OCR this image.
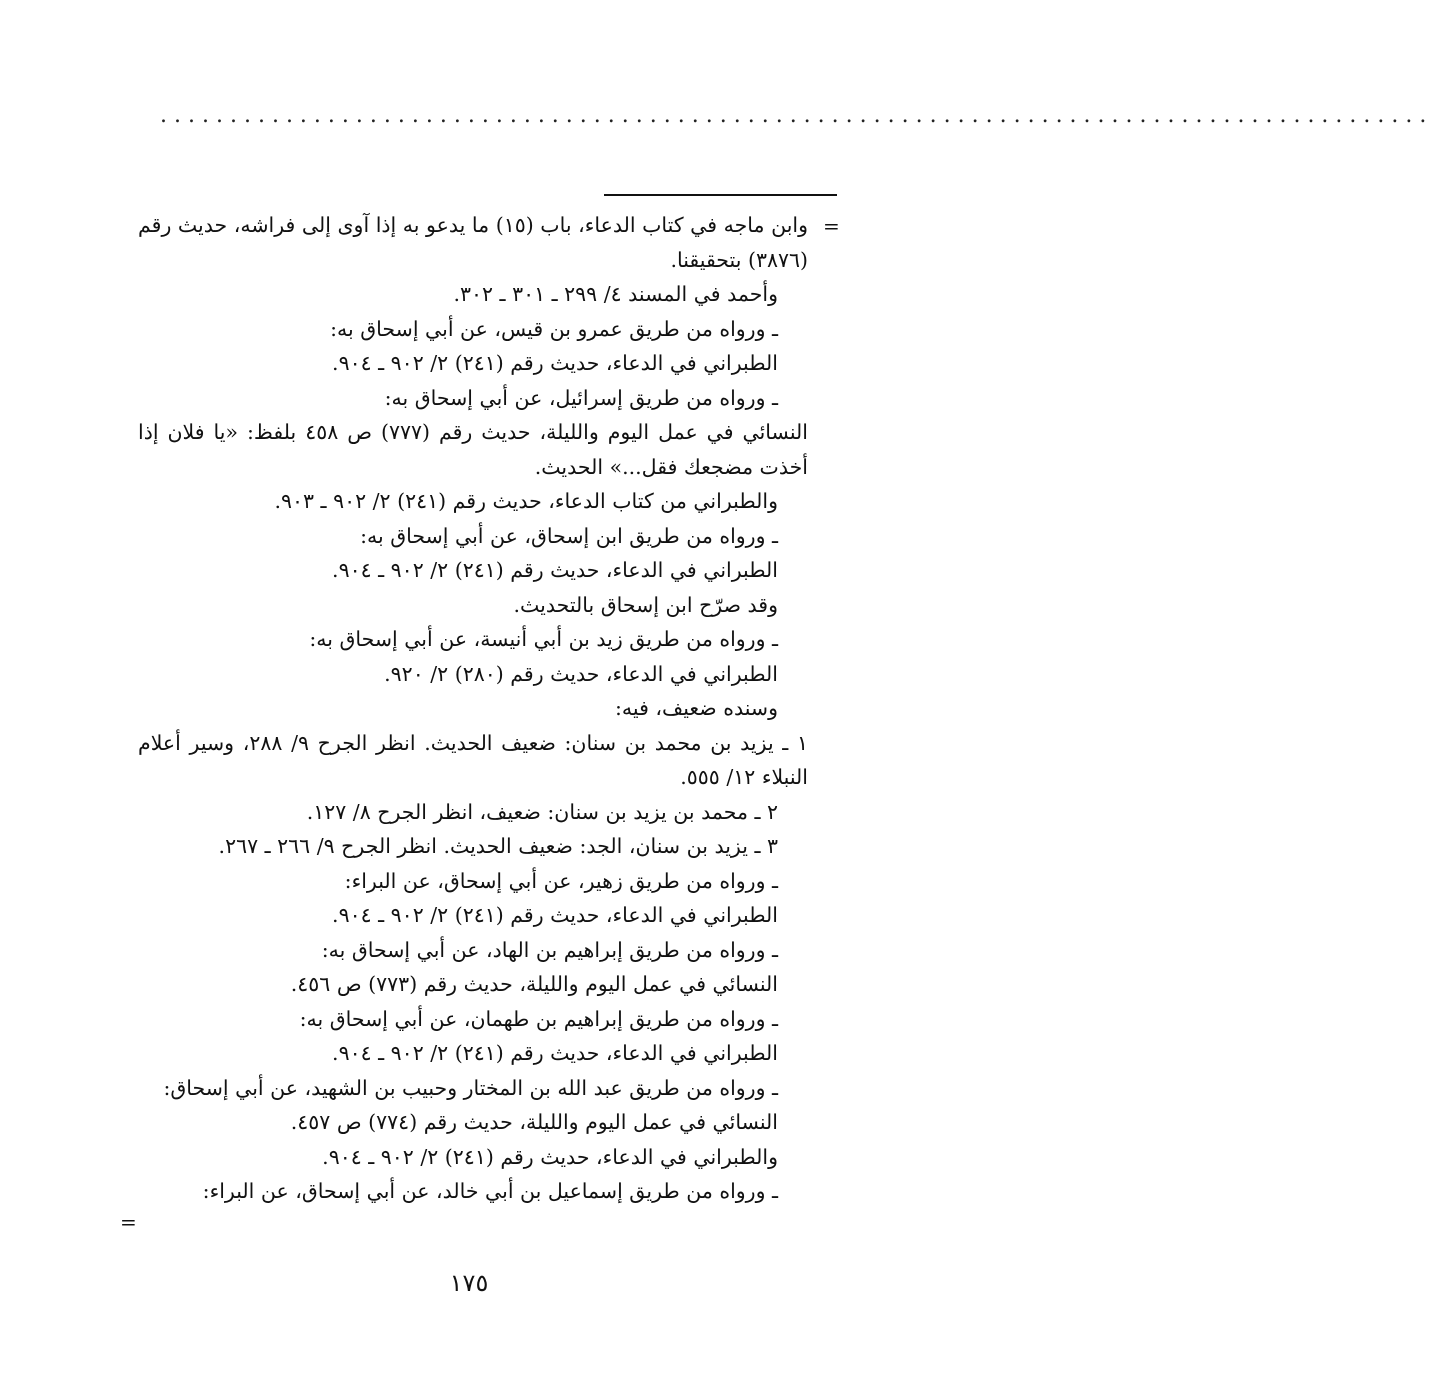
...........................................................................................
=
وابن ماجه في كتاب الدعاء، باب (١٥) ما يدعو به إذا آوى إلى فراشه، حديث رقم (٣٨٧٦) بتحقيقنا.
وأحمد في المسند ٤/ ٢٩٩ ـ ٣٠١ ـ ٣٠٢.
ـ ورواه من طريق عمرو بن قيس، عن أبي إسحاق به:
الطبراني في الدعاء، حديث رقم (٢٤١) ٢/ ٩٠٢ ـ ٩٠٤.
ـ ورواه من طريق إسرائيل، عن أبي إسحاق به:
النسائي في عمل اليوم والليلة، حديث رقم (٧٧٧) ص ٤٥٨ بلفظ: «يا فلان إذا أخذت مضجعك فقل...» الحديث.
والطبراني من كتاب الدعاء، حديث رقم (٢٤١) ٢/ ٩٠٢ ـ ٩٠٣.
ـ ورواه من طريق ابن إسحاق، عن أبي إسحاق به:
الطبراني في الدعاء، حديث رقم (٢٤١) ٢/ ٩٠٢ ـ ٩٠٤.
وقد صرّح ابن إسحاق بالتحديث.
ـ ورواه من طريق زيد بن أبي أنيسة، عن أبي إسحاق به:
الطبراني في الدعاء، حديث رقم (٢٨٠) ٢/ ٩٢٠.
وسنده ضعيف، فيه:
١ ـ يزيد بن محمد بن سنان: ضعيف الحديث. انظر الجرح ٩/ ٢٨٨، وسير أعلام النبلاء ١٢/ ٥٥٥.
٢ ـ محمد بن يزيد بن سنان: ضعيف، انظر الجرح ٨/ ١٢٧.
٣ ـ يزيد بن سنان، الجد: ضعيف الحديث. انظر الجرح ٩/ ٢٦٦ ـ ٢٦٧.
ـ ورواه من طريق زهير، عن أبي إسحاق، عن البراء:
الطبراني في الدعاء، حديث رقم (٢٤١) ٢/ ٩٠٢ ـ ٩٠٤.
ـ ورواه من طريق إبراهيم بن الهاد، عن أبي إسحاق به:
النسائي في عمل اليوم والليلة، حديث رقم (٧٧٣) ص ٤٥٦.
ـ ورواه من طريق إبراهيم بن طهمان، عن أبي إسحاق به:
الطبراني في الدعاء، حديث رقم (٢٤١) ٢/ ٩٠٢ ـ ٩٠٤.
ـ ورواه من طريق عبد الله بن المختار وحبيب بن الشهيد، عن أبي إسحاق:
النسائي في عمل اليوم والليلة، حديث رقم (٧٧٤) ص ٤٥٧.
والطبراني في الدعاء، حديث رقم (٢٤١) ٢/ ٩٠٢ ـ ٩٠٤.
ـ ورواه من طريق إسماعيل بن أبي خالد، عن أبي إسحاق، عن البراء:
=
١٧٥
